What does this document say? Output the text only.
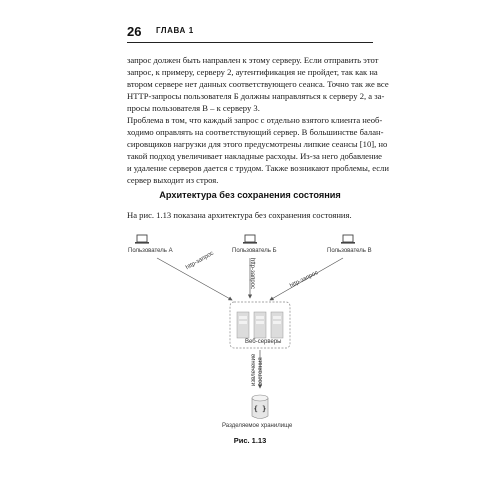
26 ГЛАВА 1
запрос должен быть направлен к этому серверу. Если отправить этот
запрос, к примеру, серверу 2, аутентификация не пройдет, так как на
втором сервере нет данных соответствующего сеанса. Точно так же все
HTTP-запросы пользователя Б должны направляться к серверу 2, а за-
просы пользователя В – к серверу 3.
Проблема в том, что каждый запрос с отдельно взятого клиента необ-
ходимо оправлять на соответствующий сервер. В большинстве балан-
сировщиков нагрузки для этого предусмотрены липкие сеансы [10], но
такой подход увеличивает накладные расходы. Из-за него добавление
и удаление серверов дается с трудом. Также возникают проблемы, если
сервер выходит из строя.
Архитектура без сохранения состояния
На рис. 1.13 показана архитектура без сохранения состояния.
{ }
Пользователь А	Пользователь Б	Пользователь В
http-запрос	http-запрос	http-запрос
Веб-серверы
извлечение состояния
Разделяемое хранилище
Рис. 1.13
